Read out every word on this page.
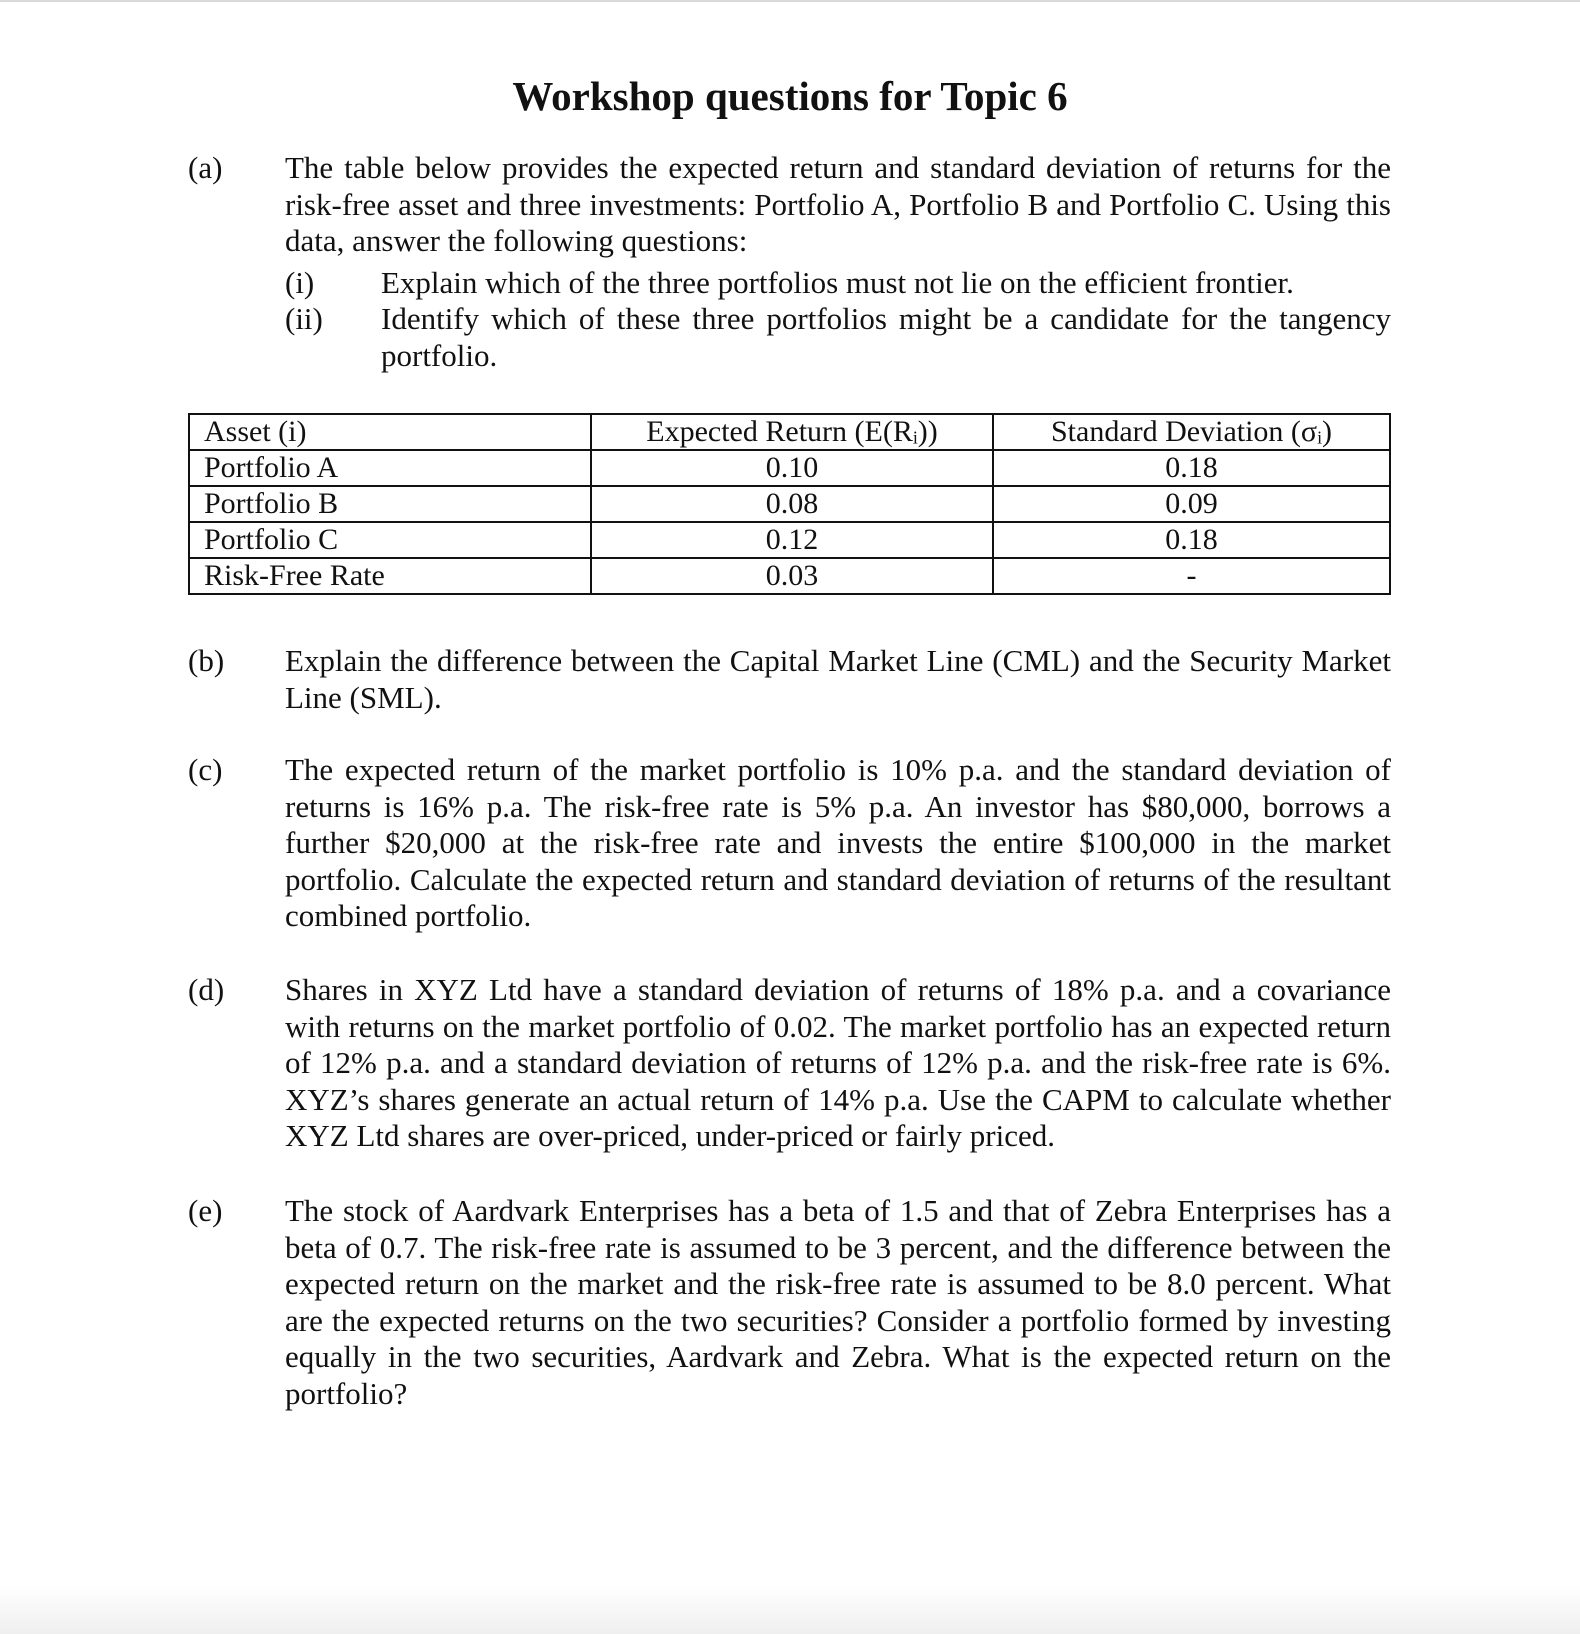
Workshop questions for Topic 6
(a) The table below provides the expected return and standard deviation of returns for the risk-free asset and three investments: Portfolio A, Portfolio B and Portfolio C. Using this data, answer the following questions:

(i) Explain which of the three portfolios must not lie on the efficient frontier.

(ii) Identify which of these three portfolios might be a candidate for the tangency portfolio.

Asset (i)	Expected Return (E(Rᵢ))	Standard Deviation (σᵢ)
Portfolio A	0.10	0.18
Portfolio B	0.08	0.09
Portfolio C	0.12	0.18
Risk-Free Rate	0.03	-
(b) Explain the difference between the Capital Market Line (CML) and the Security Market Line (SML).

(c) The expected return of the market portfolio is 10% p.a. and the standard deviation of returns is 16% p.a. The risk-free rate is 5% p.a. An investor has $80,000, borrows a further $20,000 at the risk-free rate and invests the entire $100,000 in the market portfolio. Calculate the expected return and standard deviation of returns of the resultant combined portfolio.

(d) Shares in XYZ Ltd have a standard deviation of returns of 18% p.a. and a covariance with returns on the market portfolio of 0.02. The market portfolio has an expected return of 12% p.a. and a standard deviation of returns of 12% p.a. and the risk-free rate is 6%. XYZ’s shares generate an actual return of 14% p.a. Use the CAPM to calculate whether XYZ Ltd shares are over-priced, under-priced or fairly priced.

(e) The stock of Aardvark Enterprises has a beta of 1.5 and that of Zebra Enterprises has a beta of 0.7. The risk-free rate is assumed to be 3 percent, and the difference between the expected return on the market and the risk-free rate is assumed to be 8.0 percent. What are the expected returns on the two securities? Consider a portfolio formed by investing equally in the two securities, Aardvark and Zebra. What is the expected return on the portfolio?
